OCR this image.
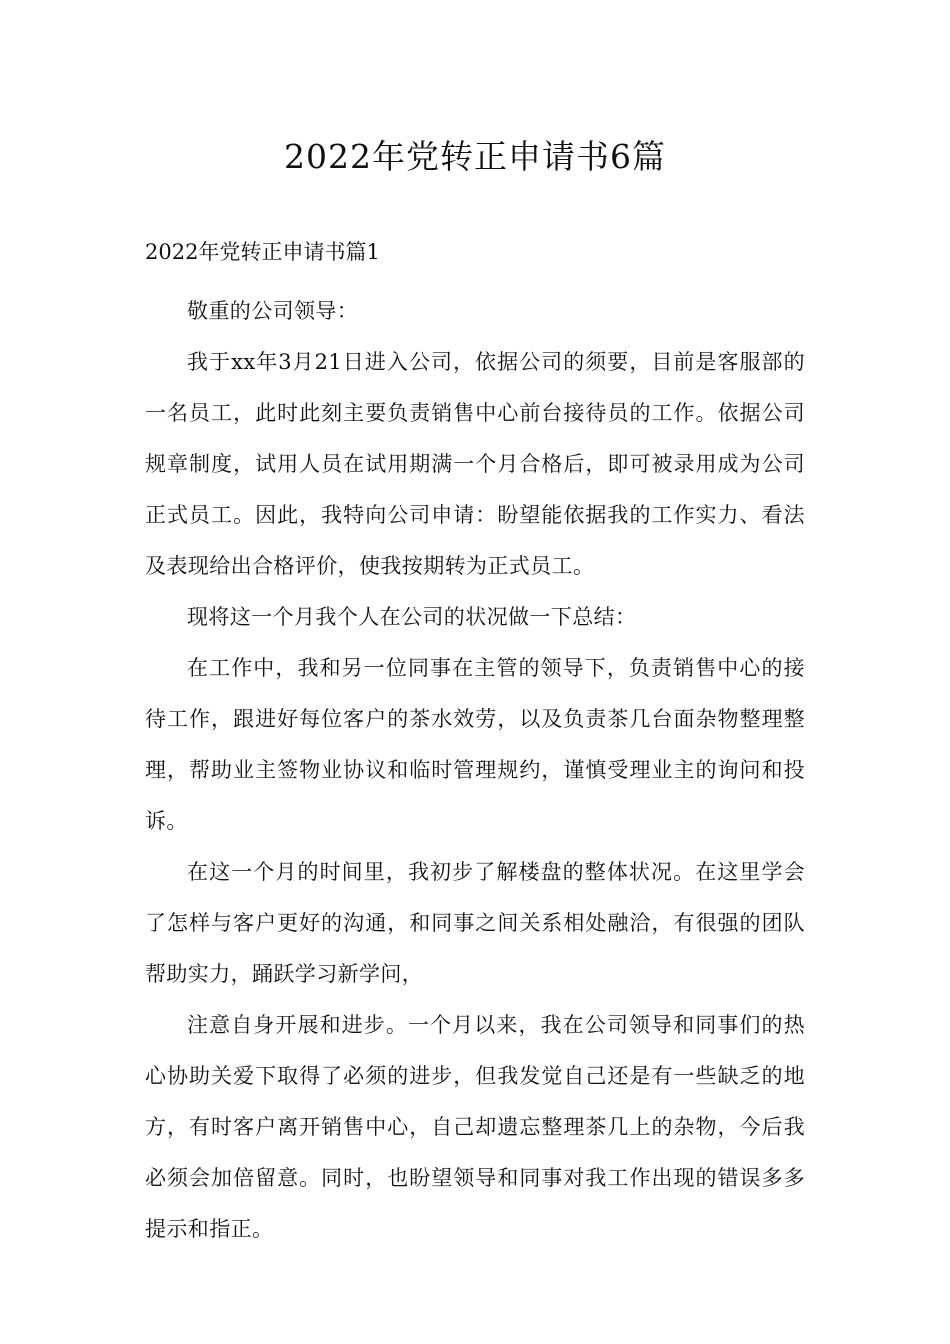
2022年党转正申请书6篇

2022年党转正申请书篇1

敬重的公司领导：

我于xx年3月21日进入公司，依据公司的须要，目前是客服部的一名员工，此时此刻主要负责销售中心前台接待员的工作。依据公司规章制度，试用人员在试用期满一个月合格后，即可被录用成为公司正式员工。因此，我特向公司申请：盼望能依据我的工作实力、看法及表现给出合格评价，使我按期转为正式员工。

现将这一个月我个人在公司的状况做一下总结：

在工作中，我和另一位同事在主管的领导下，负责销售中心的接待工作，跟进好每位客户的茶水效劳，以及负责茶几台面杂物整理整理，帮助业主签物业协议和临时管理规约，谨慎受理业主的询问和投诉。

在这一个月的时间里，我初步了解楼盘的整体状况。在这里学会了怎样与客户更好的沟通，和同事之间关系相处融洽，有很强的团队帮助实力，踊跃学习新学问，

注意自身开展和进步。一个月以来，我在公司领导和同事们的热心协助关爱下取得了必须的进步，但我发觉自己还是有一些缺乏的地方，有时客户离开销售中心，自己却遗忘整理茶几上的杂物，今后我必须会加倍留意。同时，也盼望领导和同事对我工作出现的错误多多提示和指正。
